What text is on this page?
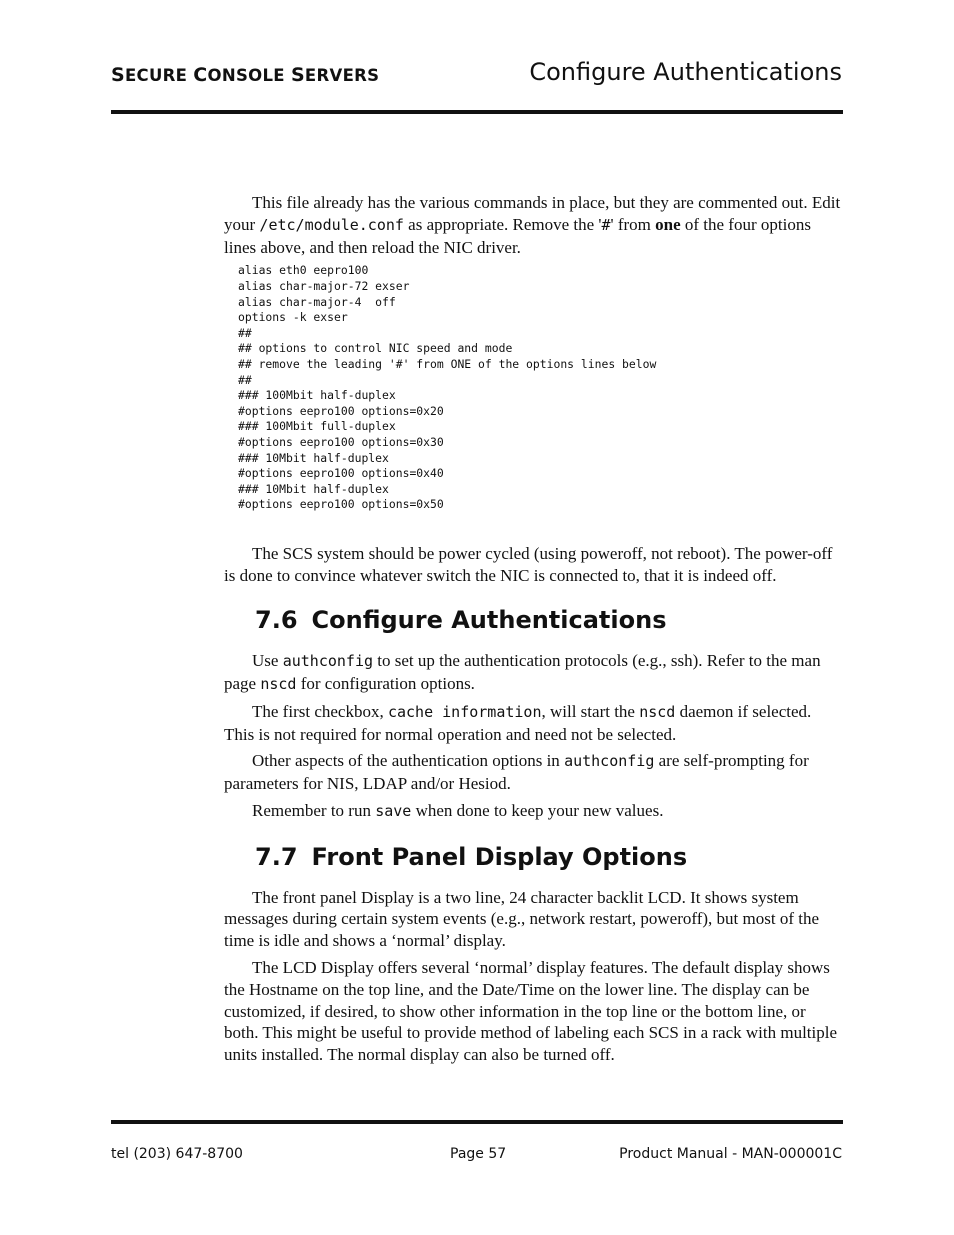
SECURE CONSOLE SERVERS	Configure Authentications

This file already has the various commands in place, but they are commented out. Edit your /etc/module.conf as appropriate. Remove the '#' from one of the four options lines above, and then reload the NIC driver.

alias eth0 eepro100
alias char-major-72 exser
alias char-major-4  off
options -k exser
##
## options to control NIC speed and mode
## remove the leading '#' from ONE of the options lines below
##
### 100Mbit half-duplex
#options eepro100 options=0x20
### 100Mbit full-duplex
#options eepro100 options=0x30
### 10Mbit half-duplex
#options eepro100 options=0x40
### 10Mbit half-duplex
#options eepro100 options=0x50

The SCS system should be power cycled (using poweroff, not reboot). The power-off is done to convince whatever switch the NIC is connected to, that it is indeed off.

7.6 Configure Authentications

Use authconfig to set up the authentication protocols (e.g., ssh). Refer to the man page nscd for configuration options.

The first checkbox, cache information, will start the nscd daemon if selected. This is not required for normal operation and need not be selected.

Other aspects of the authentication options in authconfig are self-prompting for parameters for NIS, LDAP and/or Hesiod.

Remember to run save when done to keep your new values.

7.7 Front Panel Display Options

The front panel Display is a two line, 24 character backlit LCD. It shows system messages during certain system events (e.g., network restart, poweroff), but most of the time is idle and shows a ‘normal’ display.

The LCD Display offers several ‘normal’ display features. The default display shows the Hostname on the top line, and the Date/Time on the lower line. The display can be customized, if desired, to show other information in the top line or the bottom line, or both. This might be useful to provide method of labeling each SCS in a rack with multiple units installed. The normal display can also be turned off.

tel (203) 647-8700	Page 57	Product Manual - MAN-000001C
